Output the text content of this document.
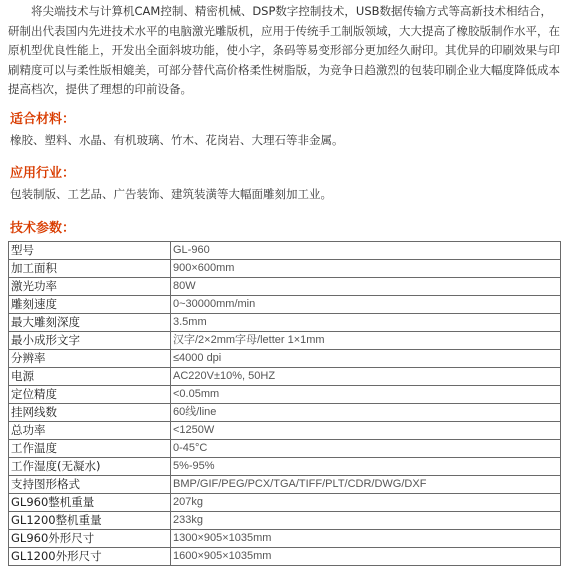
将尖端技术与计算机CAM控制、精密机械、DSP数字控制技术，USB数据传输方式等高新技术相结合，研制出代表国内先进技术水平的电脑激光雕版机，应用于传统手工制版领域，大大提高了橡胶版制作水平，在原机型优良性能上，开发出全面斜坡功能，使小字，条码等易变形部分更加经久耐印。其优异的印刷效果与印刷精度可以与柔性版相媲美，可部分替代高价格柔性树脂版，为竞争日趋激烈的包装印刷企业大幅度降低成本提高档次，提供了理想的印前设备。

适合材料：

橡胶、塑料、水晶、有机玻璃、竹木、花岗岩、大理石等非金属。

应用行业：

包装制版、工艺品、广告装饰、建筑装潢等大幅面雕刻加工业。

技术参数：

型号	GL-960
加工面积	900×600mm
激光功率	80W
雕刻速度	0~30000mm/min
最大雕刻深度	3.5mm
最小成形文字	汉字/2×2mm字母/letter 1×1mm
分辨率	≤4000 dpi
电源	AC220V±10%, 50HZ
定位精度	<0.05mm
挂网线数	60线/line
总功率	<1250W
工作温度	0-45°C
工作湿度(无凝水)	5%-95%
支持图形格式	BMP/GIF/PEG/PCX/TGA/TIFF/PLT/CDR/DWG/DXF
GL960整机重量	207kg
GL1200整机重量	233kg
GL960外形尺寸	1300×905×1035mm
GL1200外形尺寸	1600×905×1035mm
